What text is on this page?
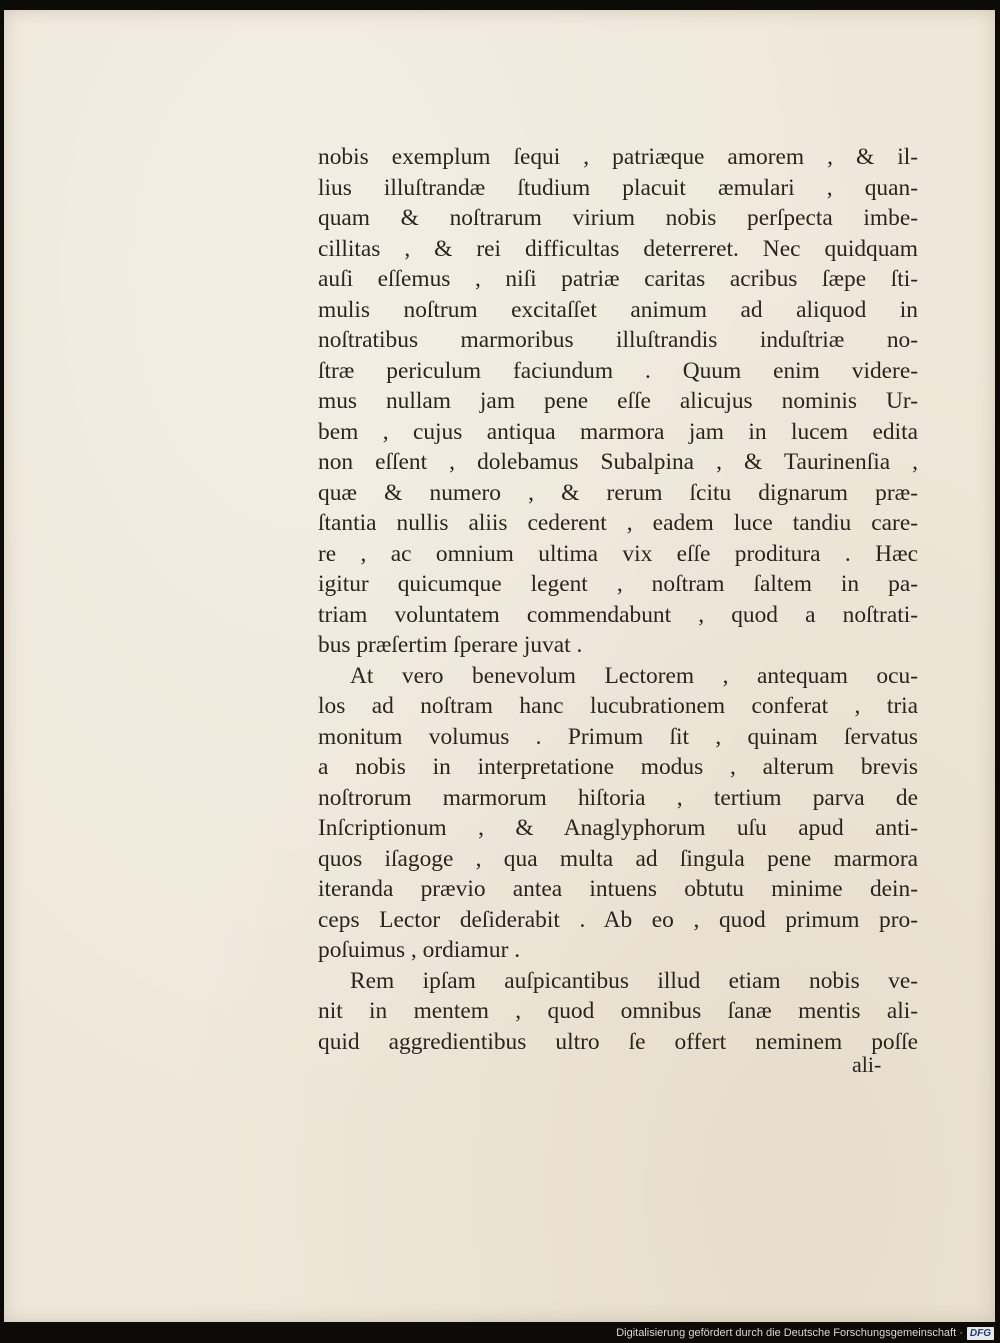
nobis exemplum ſequi , patriæque amorem , & il-
lius illuſtrandæ ſtudium placuit æmulari , quan-
quam & noſtrarum virium nobis perſpecta imbe-
cillitas , & rei difficultas deterreret. Nec quidquam
auſi eſſemus , niſi patriæ caritas acribus ſæpe ſti-
mulis noſtrum excitaſſet animum ad aliquod in
noſtratibus marmoribus illuſtrandis induſtriæ no-
ſtræ periculum faciundum . Quum enim videre-
mus nullam jam pene eſſe alicujus nominis Ur-
bem , cujus antiqua marmora jam in lucem edita
non eſſent , dolebamus Subalpina , & Taurinenſia ,
quæ & numero , & rerum ſcitu dignarum præ-
ſtantia nullis aliis cederent , eadem luce tandiu care-
re , ac omnium ultima vix eſſe proditura . Hæc
igitur quicumque legent , noſtram ſaltem in pa-
triam voluntatem commendabunt , quod a noſtrati-
bus præſertim ſperare juvat .
At vero benevolum Lectorem , antequam ocu-
los ad noſtram hanc lucubrationem conferat , tria
monitum volumus . Primum ſit , quinam ſervatus
a nobis in interpretatione modus , alterum brevis
noſtrorum marmorum hiſtoria , tertium parva de
Inſcriptionum , & Anaglyphorum uſu apud anti-
quos iſagoge , qua multa ad ſingula pene marmora
iteranda prævio antea intuens obtutu minime dein-
ceps Lector deſiderabit . Ab eo , quod primum pro-
poſuimus , ordiamur .
Rem ipſam auſpicantibus illud etiam nobis ve-
nit in mentem , quod omnibus ſanæ mentis ali-
quid aggredientibus ultro ſe offert neminem poſſe
ali-
Digitalisierung gefördert durch die Deutsche Forschungsgemeinschaft · DFG
